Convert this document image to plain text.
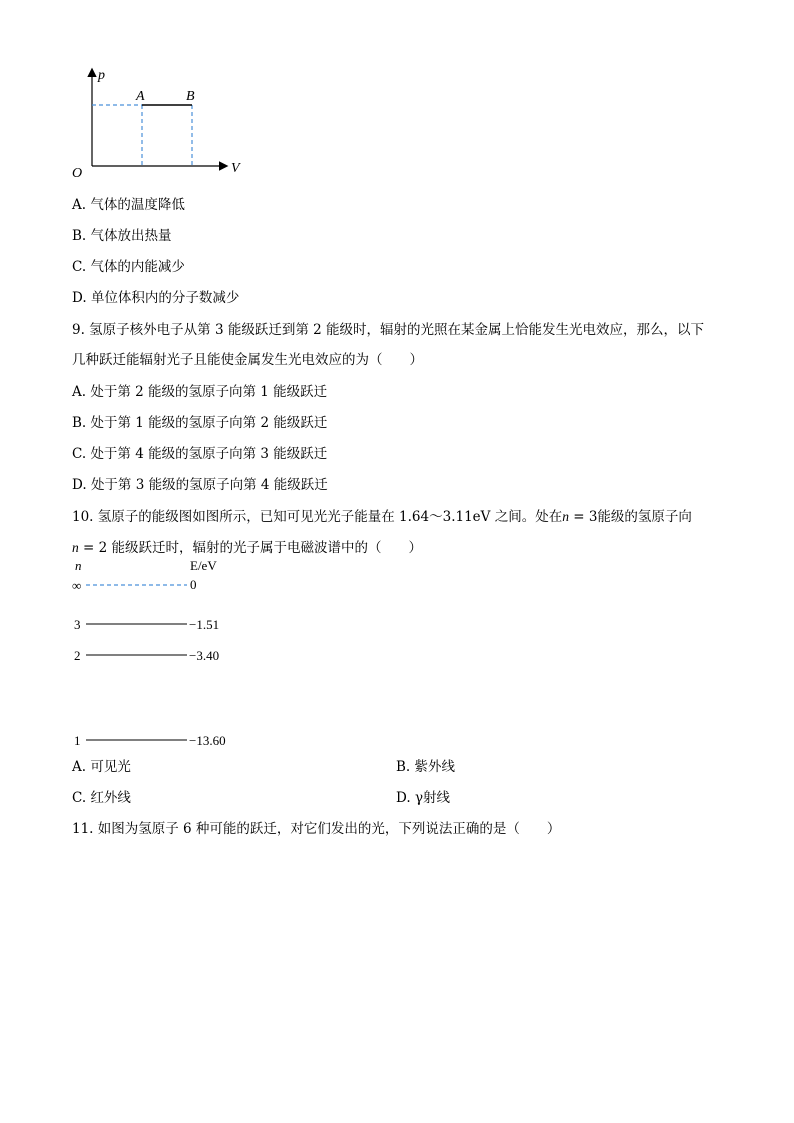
p
V
O
A	B
A. 气体的温度降低
B. 气体放出热量
C. 气体的内能减少
D. 单位体积内的分子数减少
9. 氢原子核外电子从第 3 能级跃迁到第 2 能级时，辐射的光照在某金属上恰能发生光电效应，那么，以下
几种跃迁能辐射光子且能使金属发生光电效应的为（　　）
A. 处于第 2 能级的氢原子向第 1 能级跃迁
B. 处于第 1 能级的氢原子向第 2 能级跃迁
C. 处于第 4 能级的氢原子向第 3 能级跃迁
D. 处于第 3 能级的氢原子向第 4 能级跃迁
10. 氢原子的能级图如图所示，已知可见光光子能量在 1.64～3.11eV 之间。处在n = 3能级的氢原子向
n = 2 能级跃迁时，辐射的光子属于电磁波谱中的（　　）
n	E/eV
∞	0
3	−1.51
2	−3.40
1	−13.60
A. 可见光	B. 紫外线
C. 红外线	D. γ射线
11. 如图为氢原子 6 种可能的跃迁，对它们发出的光，下列说法正确的是（　　）
